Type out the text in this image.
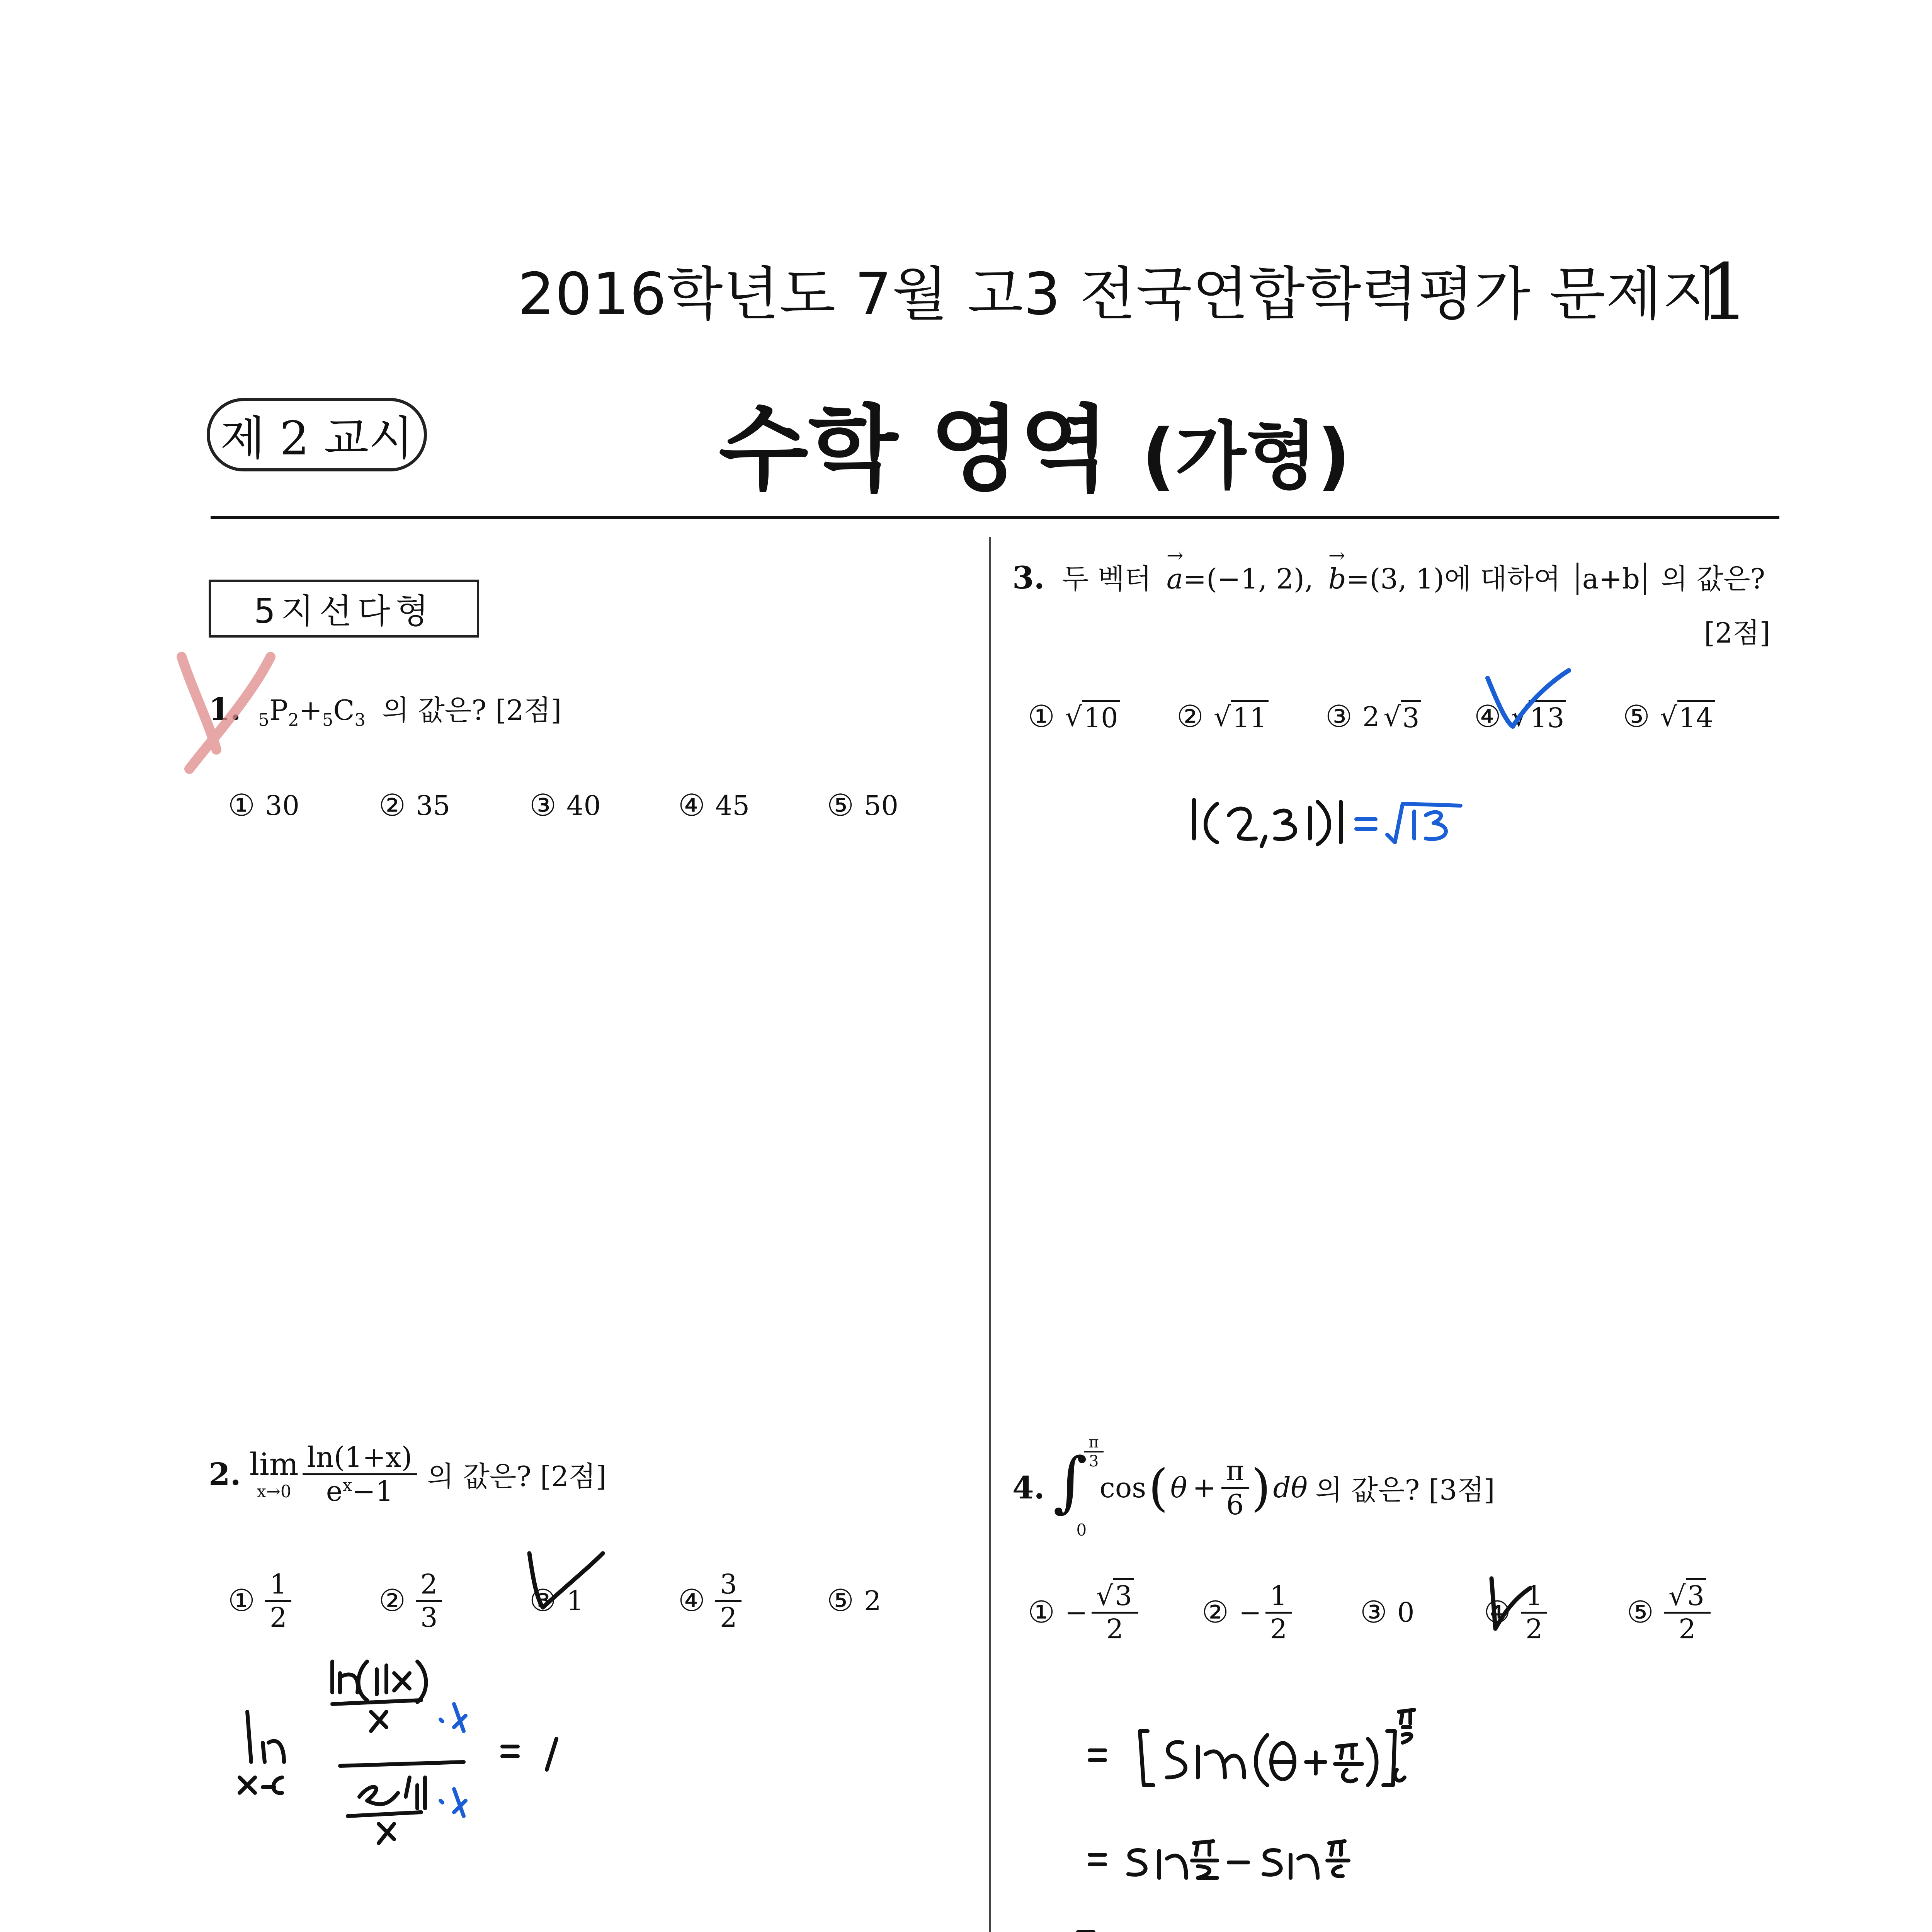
2016학년도 7월 고3 전국연합학력평가 문제지
1
제 2 교시	수학 영역 (가형)
5지선다형
1. $_5P_2+_5C_3$ 의 값은? [2점]
① 30	② 35	③ 40	④ 45	⑤ 50
2. lim
$x\to 0 \frac{\ln(1+x)}{e^x-1}$ 의 값은? [2점]
① $\frac{1}{2}$	② $\frac{2}{3}$	③ 1	④ $\frac{3}{2}$	⑤ 2
3. 두 벡터
→
a=(−1, 2),
→
b=(3, 1)에 대하여 a+b 의 값은?
[2점]
① √ 10 ② √ 11 ③ 2 √ 3 ④ √ 13 ⑤ √ 14
4. ∫
$\frac{\pi}{3}$
0
cos ( $\theta + \frac{\pi}{6}$ ) dθ 의 값은? [3점]
① − $\frac{√3}{2}$ ② − $\frac{1}{2}$ ③ 0 ④ $\frac{1}{2}$	⑤ $\frac{√3}{2}$
